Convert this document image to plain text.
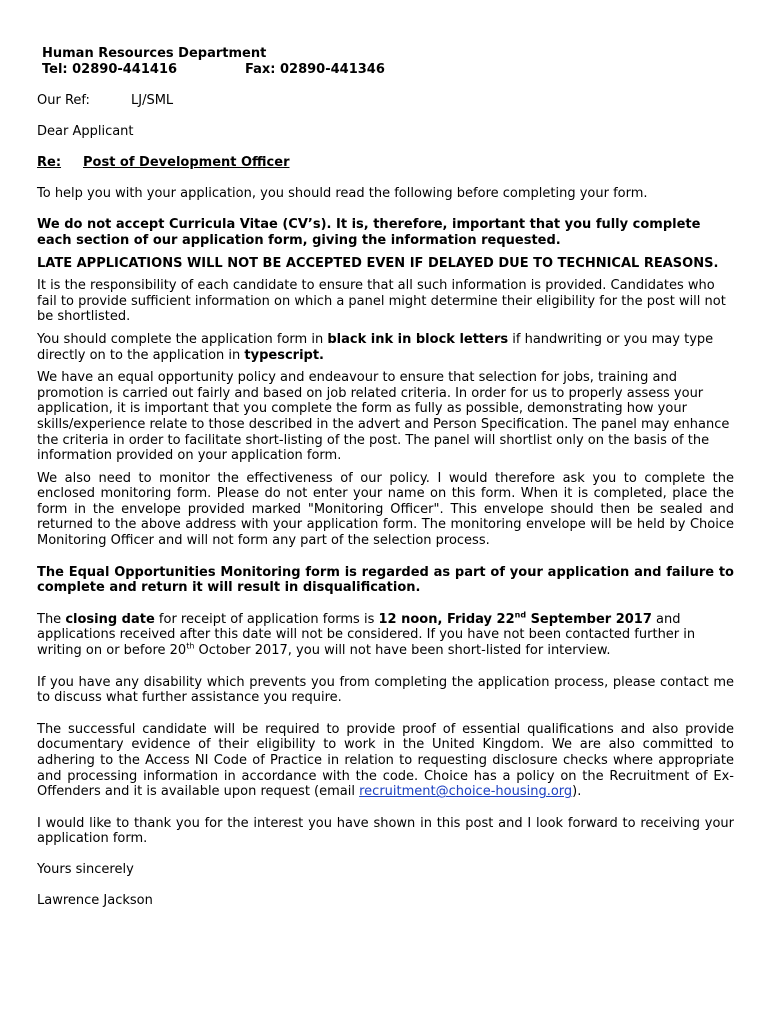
Human Resources Department

Tel: 02890-441416	Fax: 02890-441346

Our Ref:	LJ/SML

Dear Applicant

Re: Post of Development Officer

To help you with your application, you should read the following before completing your form.

We do not accept Curricula Vitae (CV’s). It is, therefore, important that you fully complete each section of our application form, giving the information requested.

LATE APPLICATIONS WILL NOT BE ACCEPTED EVEN IF DELAYED DUE TO TECHNICAL REASONS.

It is the responsibility of each candidate to ensure that all such information is provided. Candidates who fail to provide sufficient information on which a panel might determine their eligibility for the post will not be shortlisted.

You should complete the application form in black ink in block letters if handwriting or you may type directly on to the application in typescript.

We have an equal opportunity policy and endeavour to ensure that selection for jobs, training and promotion is carried out fairly and based on job related criteria. In order for us to properly assess your application, it is important that you complete the form as fully as possible, demonstrating how your skills/experience relate to those described in the advert and Person Specification. The panel may enhance the criteria in order to facilitate short-listing of the post. The panel will shortlist only on the basis of the information provided on your application form.

We also need to monitor the effectiveness of our policy. I would therefore ask you to complete the enclosed monitoring form. Please do not enter your name on this form. When it is completed, place the form in the envelope provided marked "Monitoring Officer". This envelope should then be sealed and returned to the above address with your application form. The monitoring envelope will be held by Choice Monitoring Officer and will not form any part of the selection process.

The Equal Opportunities Monitoring form is regarded as part of your application and failure to complete and return it will result in disqualification.

The closing date for receipt of application forms is 12 noon, Friday 22nd September 2017 and applications received after this date will not be considered. If you have not been contacted further in writing on or before 20th October 2017, you will not have been short-listed for interview.

If you have any disability which prevents you from completing the application process, please contact me to discuss what further assistance you require.

The successful candidate will be required to provide proof of essential qualifications and also provide documentary evidence of their eligibility to work in the United Kingdom. We are also committed to adhering to the Access NI Code of Practice in relation to requesting disclosure checks where appropriate and processing information in accordance with the code. Choice has a policy on the Recruitment of Ex-Offenders and it is available upon request (email recruitment@choice-housing.org).

I would like to thank you for the interest you have shown in this post and I look forward to receiving your application form.

Yours sincerely

Lawrence Jackson
